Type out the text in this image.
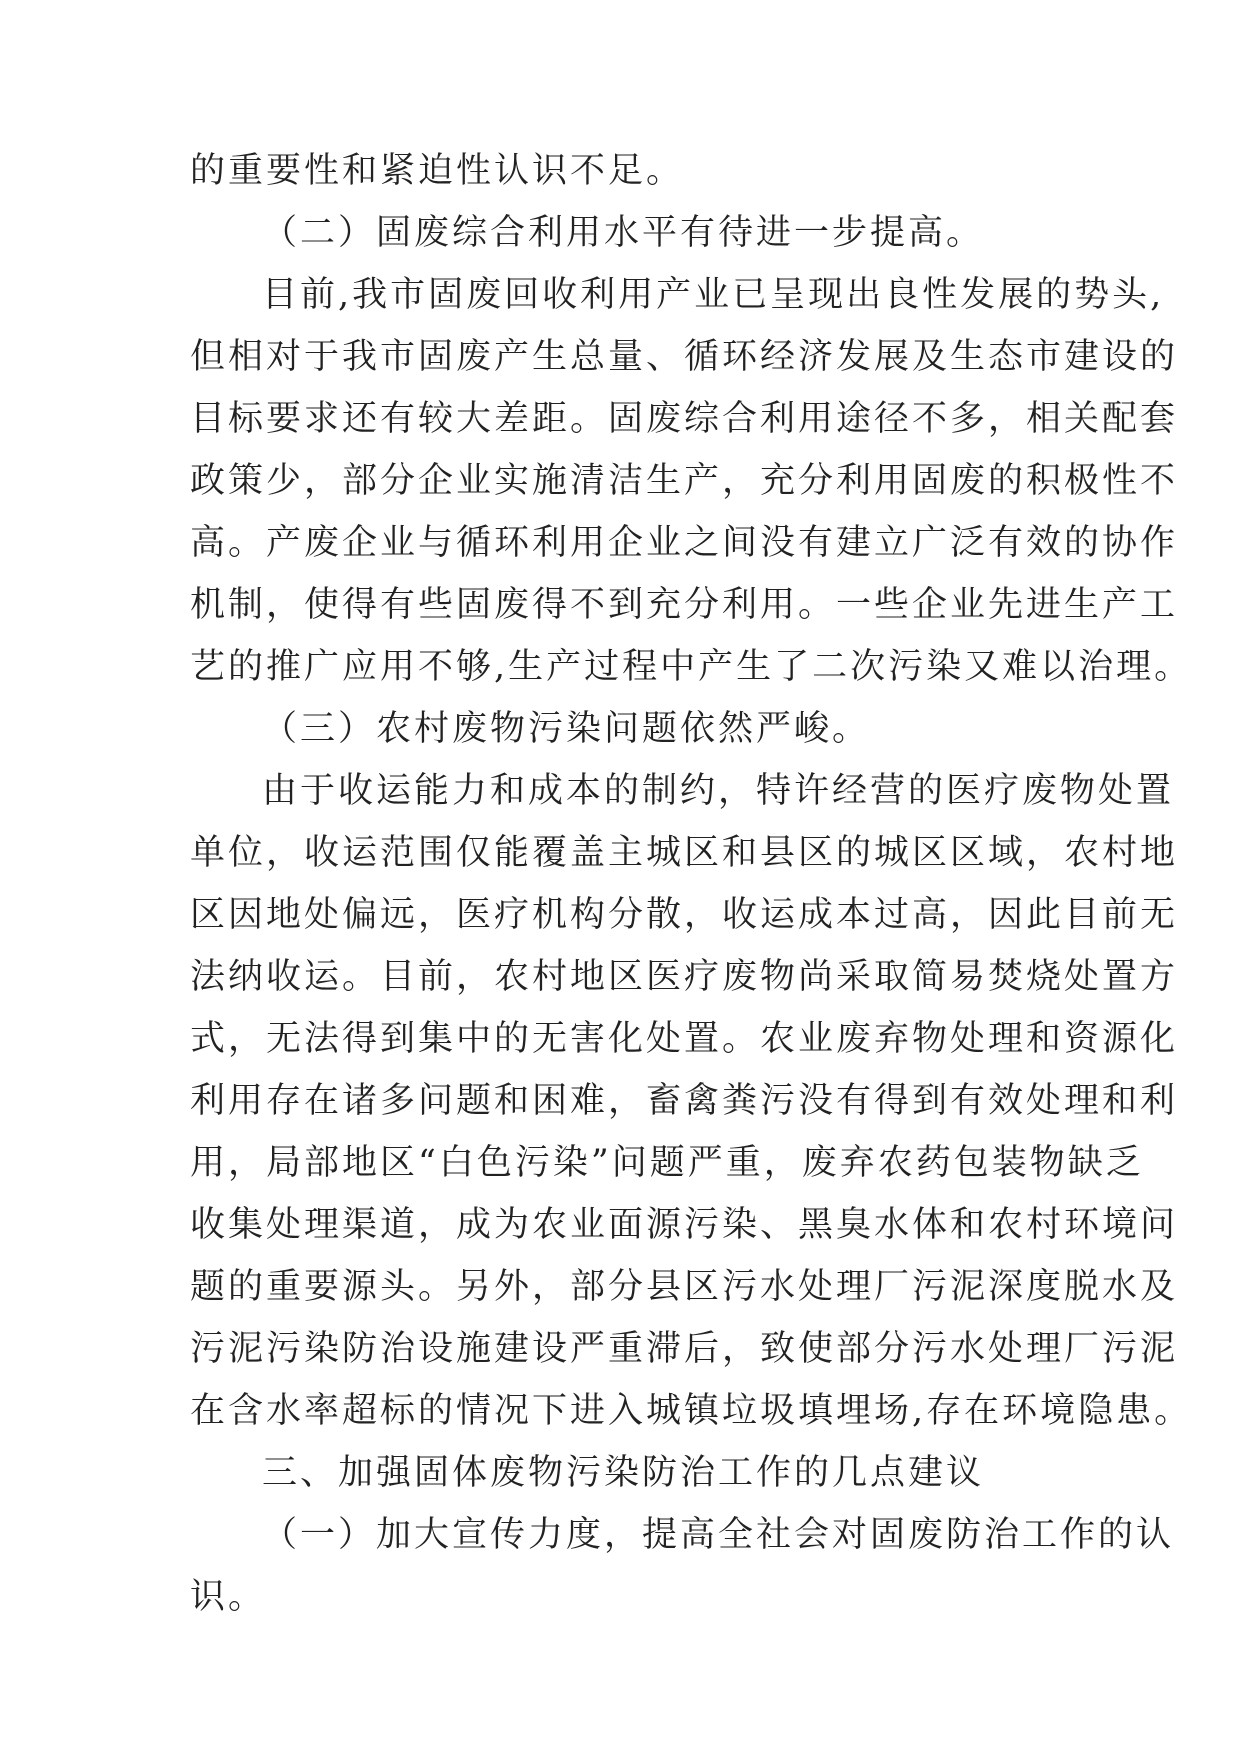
的重要性和紧迫性认识不足。
（二）固废综合利用水平有待进一步提高。
目前,我市固废回收利用产业已呈现出良性发展的势头,
但相对于我市固废产生总量、循环经济发展及生态市建设的
目标要求还有较大差距。固废综合利用途径不多，相关配套
政策少，部分企业实施清洁生产，充分利用固废的积极性不
高。产废企业与循环利用企业之间没有建立广泛有效的协作
机制，使得有些固废得不到充分利用。一些企业先进生产工
艺的推广应用不够,生产过程中产生了二次污染又难以治理。
（三）农村废物污染问题依然严峻。
由于收运能力和成本的制约，特许经营的医疗废物处置
单位，收运范围仅能覆盖主城区和县区的城区区域，农村地
区因地处偏远，医疗机构分散，收运成本过高，因此目前无
法纳收运。目前，农村地区医疗废物尚采取简易焚烧处置方
式，无法得到集中的无害化处置。农业废弃物处理和资源化
利用存在诸多问题和困难，畜禽粪污没有得到有效处理和利
用，局部地区“白色污染”问题严重，废弃农药包装物缺乏
收集处理渠道，成为农业面源污染、黑臭水体和农村环境问
题的重要源头。另外，部分县区污水处理厂污泥深度脱水及
污泥污染防治设施建设严重滞后，致使部分污水处理厂污泥
在含水率超标的情况下进入城镇垃圾填埋场,存在环境隐患。
三、加强固体废物污染防治工作的几点建议
（一）加大宣传力度，提高全社会对固废防治工作的认
识。
